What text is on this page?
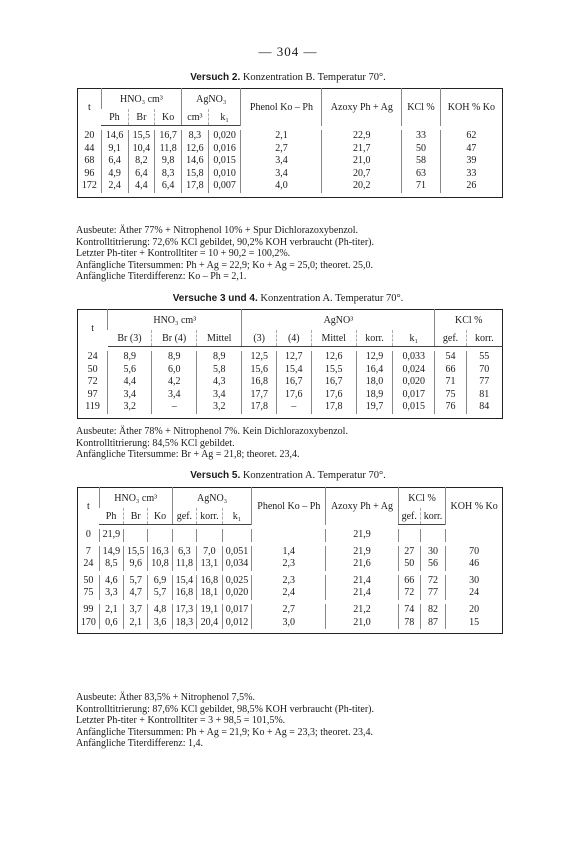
— 304 —
Versuch 2. Konzentration B. Temperatur 70°.
t	HNO₃ cm³			AgNO₃		Phenol Ko – Ph	Azoxy Ph + Ag	KCl %	KOH % Ko
	Ph	Br	Ko	cm³	k₁				

20	14,6	15,5	16,7	8,3	0,020	2,1	22,9	33	62
44	9,1	10,4	11,8	12,6	0,016	2,7	21,7	50	47
68	6,4	8,2	9,8	14,6	0,015	3,4	21,0	58	39
96	4,9	6,4	8,3	15,8	0,010	3,4	20,7	63	33
172	2,4	4,4	6,4	17,8	0,007	4,0	20,2	71	26

Ausbeute: Äther 77% + Nitrophenol 10% + Spur Dichlorazoxybenzol.
Kontrolltitrierung: 72,6% KCl gebildet, 90,2% KOH verbraucht (Ph-titer).
Letzter Ph-titer + Kontrolltiter = 10 + 90,2 = 100,2%.
Anfängliche Titersummen: Ph + Ag = 22,9; Ko + Ag = 25,0; theoret. 25,0.
Anfängliche Titerdifferenz: Ko – Ph = 2,1.
Versuche 3 und 4. Konzentration A. Temperatur 70°.
t	HNO₃ cm³			AgNO³					KCl %	
	Br (3)	Br (4)	Mittel	(3)	(4)	Mittel	korr.	k₁	gef.	korr.

24	8,9	8,9	8,9	12,5	12,7	12,6	12,9	0,033	54	55
50	5,6	6,0	5,8	15,6	15,4	15,5	16,4	0,024	66	70
72	4,4	4,2	4,3	16,8	16,7	16,7	18,0	0,020	71	77
97	3,4	3,4	3,4	17,7	17,6	17,6	18,9	0,017	75	81
119	3,2	–	3,2	17,8	–	17,8	19,7	0,015	76	84

Ausbeute: Äther 78% + Nitrophenol 7%. Kein Dichlorazoxybenzol.
Kontrolltitrierung: 84,5% KCl gebildet.
Anfängliche Titersumme: Br + Ag = 21,8; theoret. 23,4.
Versuch 5. Konzentration A. Temperatur 70°.
t	HNO₃ cm³			AgNO₃			Phenol Ko – Ph	Azoxy Ph + Ag	KCl %		KOH % Ko
	Ph	Br	Ko	gef.	korr.	k₁			gef.	korr.	

0	21,9							21,9			

7	14,9	15,5	16,3	6,3	7,0	0,051	1,4	21,9	27	30	70
24	8,5	9,6	10,8	11,8	13,1	0,034	2,3	21,6	50	56	46

50	4,6	5,7	6,9	15,4	16,8	0,025	2,3	21,4	66	72	30
75	3,3	4,7	5,7	16,8	18,1	0,020	2,4	21,4	72	77	24

99	2,1	3,7	4,8	17,3	19,1	0,017	2,7	21,2	74	82	20
170	0,6	2,1	3,6	18,3	20,4	0,012	3,0	21,0	78	87	15

Ausbeute: Äther 83,5% + Nitrophenol 7,5%.
Kontrolltitrierung: 87,6% KCl gebildet, 98,5% KOH verbraucht (Ph-titer).
Letzter Ph-titer + Kontrolltiter = 3 + 98,5 = 101,5%.
Anfängliche Titersummen: Ph + Ag = 21,9; Ko + Ag = 23,3; theoret. 23,4.
Anfängliche Titerdifferenz: 1,4.
